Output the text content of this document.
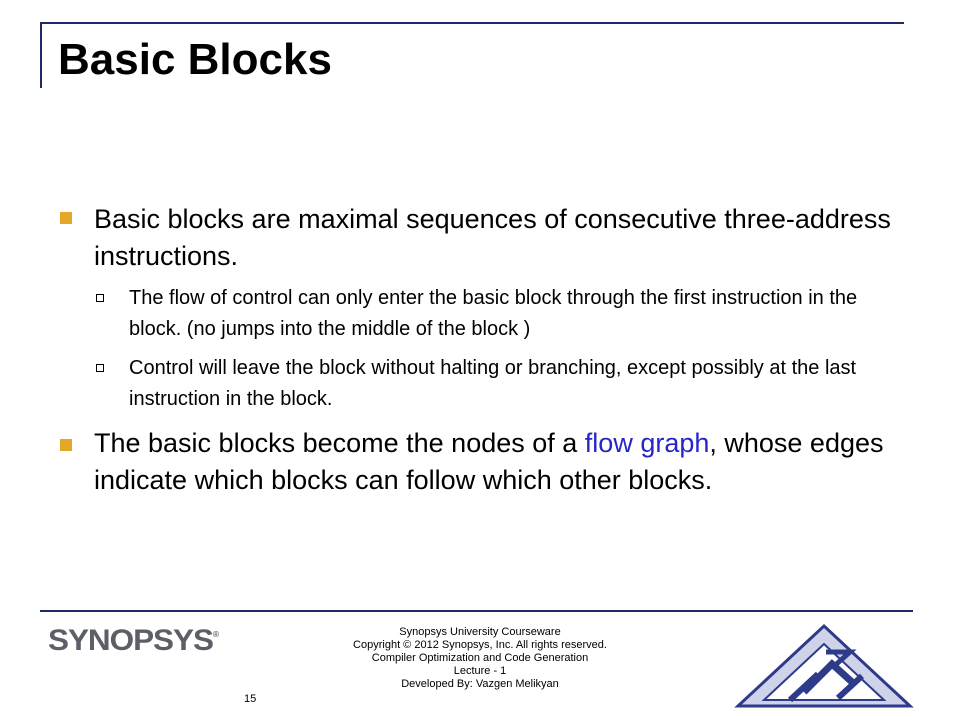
Basic Blocks
Basic blocks are maximal sequences of consecutive three-address instructions.
The flow of control can only enter the basic block through the first instruction in the block. (no jumps into the middle of the block )
Control will leave the block without halting or branching, except possibly at the last instruction in the block.
The basic blocks become the nodes of a flow graph, whose edges indicate which blocks can follow which other blocks.
SYNOPSYS®	Synopsys University Courseware
Copyright © 2012 Synopsys, Inc. All rights reserved.
Compiler Optimization and Code Generation
Lecture - 1
Developed By: Vazgen Melikyan
15
